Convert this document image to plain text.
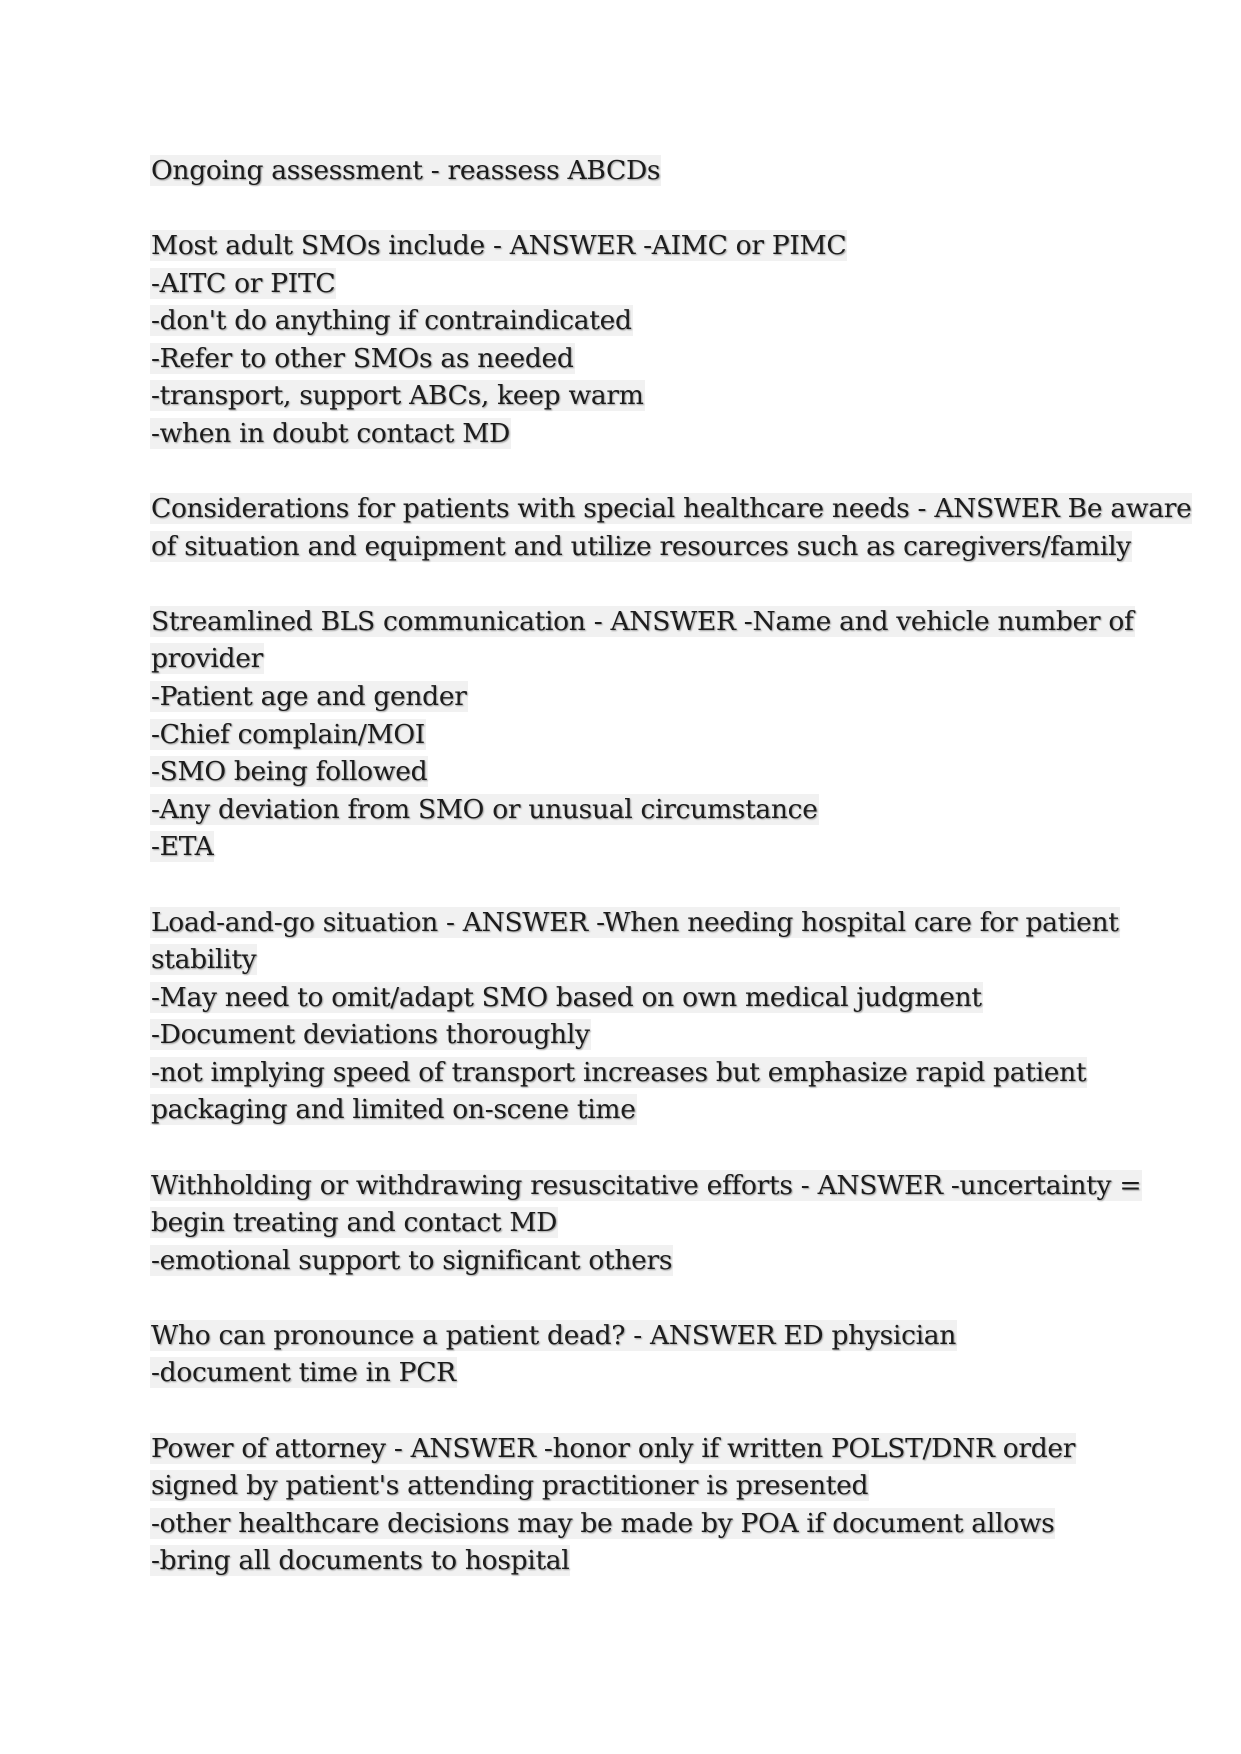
Ongoing assessment - reassess ABCDs
Most adult SMOs include - ANSWER -AIMC or PIMC
-AITC or PITC
-don't do anything if contraindicated
-Refer to other SMOs as needed
-transport, support ABCs, keep warm
-when in doubt contact MD
Considerations for patients with special healthcare needs - ANSWER Be aware
of situation and equipment and utilize resources such as caregivers/family
Streamlined BLS communication - ANSWER -Name and vehicle number of
provider
-Patient age and gender
-Chief complain/MOI
-SMO being followed
-Any deviation from SMO or unusual circumstance
-ETA
Load-and-go situation - ANSWER -When needing hospital care for patient
stability
-May need to omit/adapt SMO based on own medical judgment
-Document deviations thoroughly
-not implying speed of transport increases but emphasize rapid patient
packaging and limited on-scene time
Withholding or withdrawing resuscitative efforts - ANSWER -uncertainty =
begin treating and contact MD
-emotional support to significant others
Who can pronounce a patient dead? - ANSWER ED physician
-document time in PCR
Power of attorney - ANSWER -honor only if written POLST/DNR order
signed by patient's attending practitioner is presented
-other healthcare decisions may be made by POA if document allows
-bring all documents to hospital
